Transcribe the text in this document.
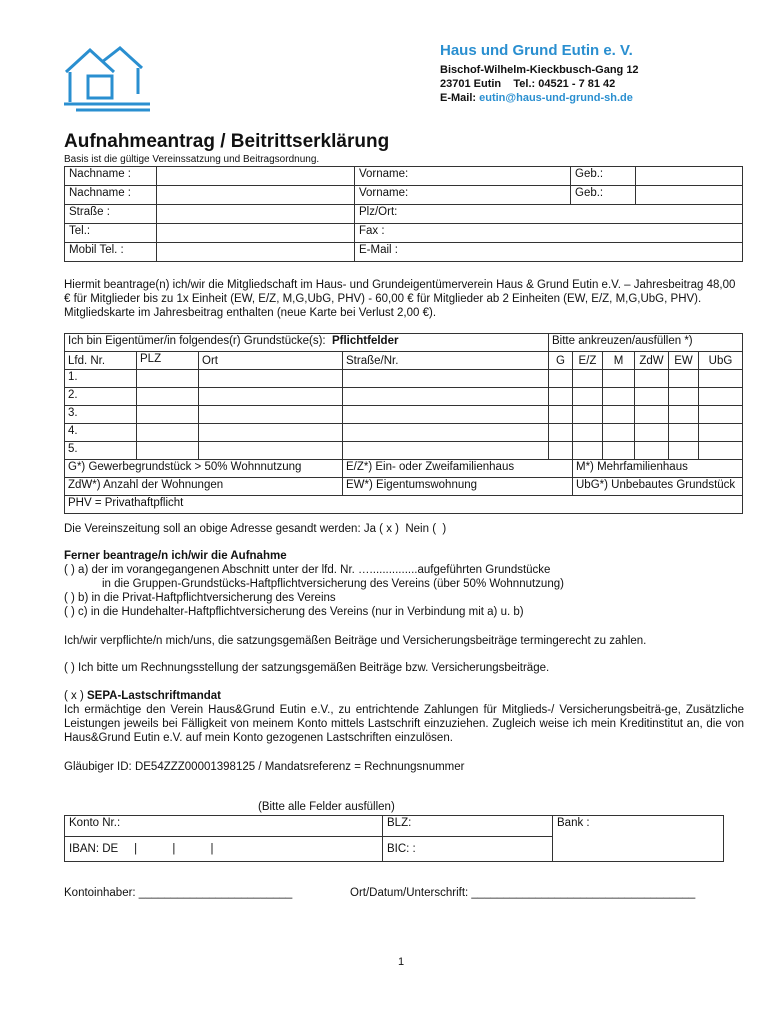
Haus und Grund Eutin e. V.
Bischof-Wilhelm-Kieckbusch-Gang 12
23701 Eutin    Tel.: 04521 - 7 81 42
E-Mail: eutin@haus-und-grund-sh.de
Aufnahmeantrag / Beitrittserklärung
Basis ist die gültige Vereinssatzung und Beitragsordnung.
Nachname :		Vorname:	Geb.:	
Nachname :		Vorname:	Geb.:	
Straße :		Plz/Ort:		
Tel.:		Fax :		
Mobil Tel. :		E-Mail :		
Hiermit beantrage(n) ich/wir die Mitgliedschaft im Haus- und Grundeigentümerverein Haus & Grund Eutin e.V. – Jahresbeitrag 48,00 € für Mitglieder bis zu 1x Einheit (EW, E/Z, M,G,UbG, PHV) - 60,00 € für Mitglieder ab 2 Einheiten (EW, E/Z, M,G,UbG, PHV). Mitgliedskarte im Jahresbeitrag enthalten (neue Karte bei Verlust 2,00 €).
Ich bin Eigentümer/in folgendes(r) Grundstücke(s): Pflichtfelder				Bitte ankreuzen/ausfüllen *)					
Lfd. Nr.	PLZ	Ort	Straße/Nr.	G	E/Z	M	ZdW	EW	UbG
1.									
2.									
3.									
4.									
5.									
G*) Gewerbegrundstück > 50% Wohnnutzung			E/Z*) Ein- oder Zweifamilienhaus		M*) Mehrfamilienhaus				
ZdW*) Anzahl der Wohnungen			EW*) Eigentumswohnung		UbG*) Unbebautes Grundstück				
PHV = Privathaftpflicht									
Die Vereinszeitung soll an obige Adresse gesandt werden: Ja ( x )  Nein (  )
Ferner beantrage/n ich/wir die Aufnahme
( ) a) der im vorangegangenen Abschnitt unter der lfd. Nr. …...............aufgeführten Grundstücke
in die Gruppen-Grundstücks-Haftpflichtversicherung des Vereins (über 50% Wohnnutzung)
( ) b) in die Privat-Haftpflichtversicherung des Vereins
( ) c) in die Hundehalter-Haftpflichtversicherung des Vereins (nur in Verbindung mit a) u. b)
Ich/wir verpflichte/n mich/uns, die satzungsgemäßen Beiträge und Versicherungsbeiträge termingerecht zu zahlen.
( ) Ich bitte um Rechnungsstellung der satzungsgemäßen Beiträge bzw. Versicherungsbeiträge.
( x ) SEPA-Lastschriftmandat
Ich ermächtige den Verein Haus&Grund Eutin e.V., zu entrichtende Zahlungen für Mitglieds-/ Versicherungsbeiträ-ge, Zusätzliche Leistungen jeweils bei Fälligkeit von meinem Konto mittels Lastschrift einzuziehen. Zugleich weise ich mein Kreditinstitut an, die von Haus&Grund Eutin e.V. auf mein Konto gezogenen Lastschriften einzulösen.
Gläubiger ID: DE54ZZZ00001398125 / Mandatsreferenz = Rechnungsnummer
(Bitte alle Felder ausfüllen)
Konto Nr.:	BLZ:	Bank :
IBAN: DE     |           |           |	BIC: :	
Kontoinhaber: ________________________	Ort/Datum/Unterschrift: ___________________________________
1
